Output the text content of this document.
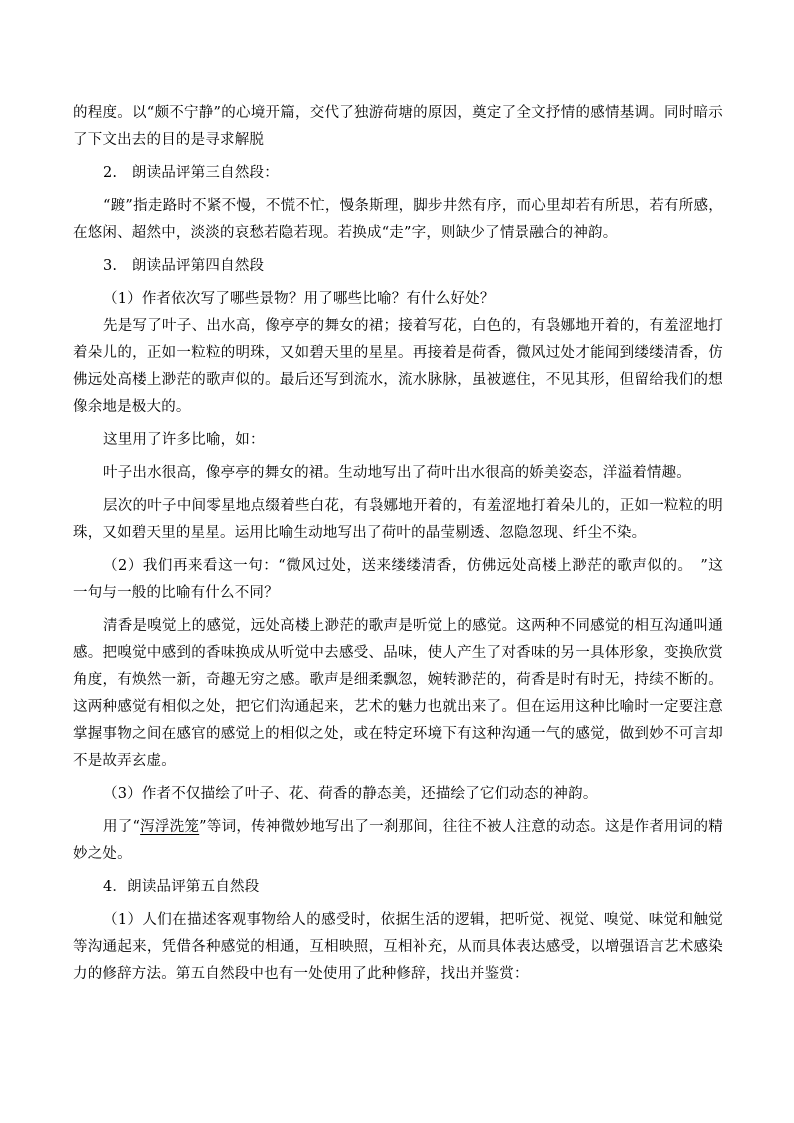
的程度。以“颇不宁静”的心境开篇，交代了独游荷塘的原因，奠定了全文抒情的感情基调。同时暗示了下文出去的目的是寻求解脱

2.　朗读品评第三自然段：

“踱”指走路时不紧不慢，不慌不忙，慢条斯理，脚步井然有序，而心里却若有所思，若有所感，在悠闲、超然中，淡淡的哀愁若隐若现。若换成“走”字，则缺少了情景融合的神韵。

3.　朗读品评第四自然段

（1）作者依次写了哪些景物？用了哪些比喻？有什么好处？

先是写了叶子、出水高，像亭亭的舞女的裙；接着写花，白色的，有袅娜地开着的，有羞涩地打着朵儿的，正如一粒粒的明珠，又如碧天里的星星。再接着是荷香，微风过处才能闻到缕缕清香，仿佛远处高楼上渺茫的歌声似的。最后还写到流水，流水脉脉，虽被遮住，不见其形，但留给我们的想像余地是极大的。

这里用了许多比喻，如：

叶子出水很高，像亭亭的舞女的裙。生动地写出了荷叶出水很高的娇美姿态，洋溢着情趣。

层次的叶子中间零星地点缀着些白花，有袅娜地开着的，有羞涩地打着朵儿的，正如一粒粒的明珠，又如碧天里的星星。运用比喻生动地写出了荷叶的晶莹剔透、忽隐忽现、纤尘不染。

（2）我们再来看这一句：“微风过处，送来缕缕清香，仿佛远处高楼上渺茫的歌声似的。　”这一句与一般的比喻有什么不同？

清香是嗅觉上的感觉，远处高楼上渺茫的歌声是听觉上的感觉。这两种不同感觉的相互沟通叫通感。把嗅觉中感到的香味换成从听觉中去感受、品味，使人产生了对香味的另一具体形象，变换欣赏角度，有焕然一新，奇趣无穷之感。歌声是细柔飘忽，婉转渺茫的，荷香是时有时无，持续不断的。这两种感觉有相似之处，把它们沟通起来，艺术的魅力也就出来了。但在运用这种比喻时一定要注意掌握事物之间在感官的感觉上的相似之处，或在特定环境下有这种沟通一气的感觉，做到妙不可言却不是故弄玄虚。

（3）作者不仅描绘了叶子、花、荷香的静态美，还描绘了它们动态的神韵。

用了“泻浮洗笼”等词，传神微妙地写出了一刹那间，往往不被人注意的动态。这是作者用词的精妙之处。

4．朗读品评第五自然段

（1）人们在描述客观事物给人的感受时，依据生活的逻辑，把听觉、视觉、嗅觉、味觉和触觉等沟通起来，凭借各种感觉的相通，互相映照，互相补充，从而具体表达感受，以增强语言艺术感染力的修辞方法。第五自然段中也有一处使用了此种修辞，找出并鉴赏：
